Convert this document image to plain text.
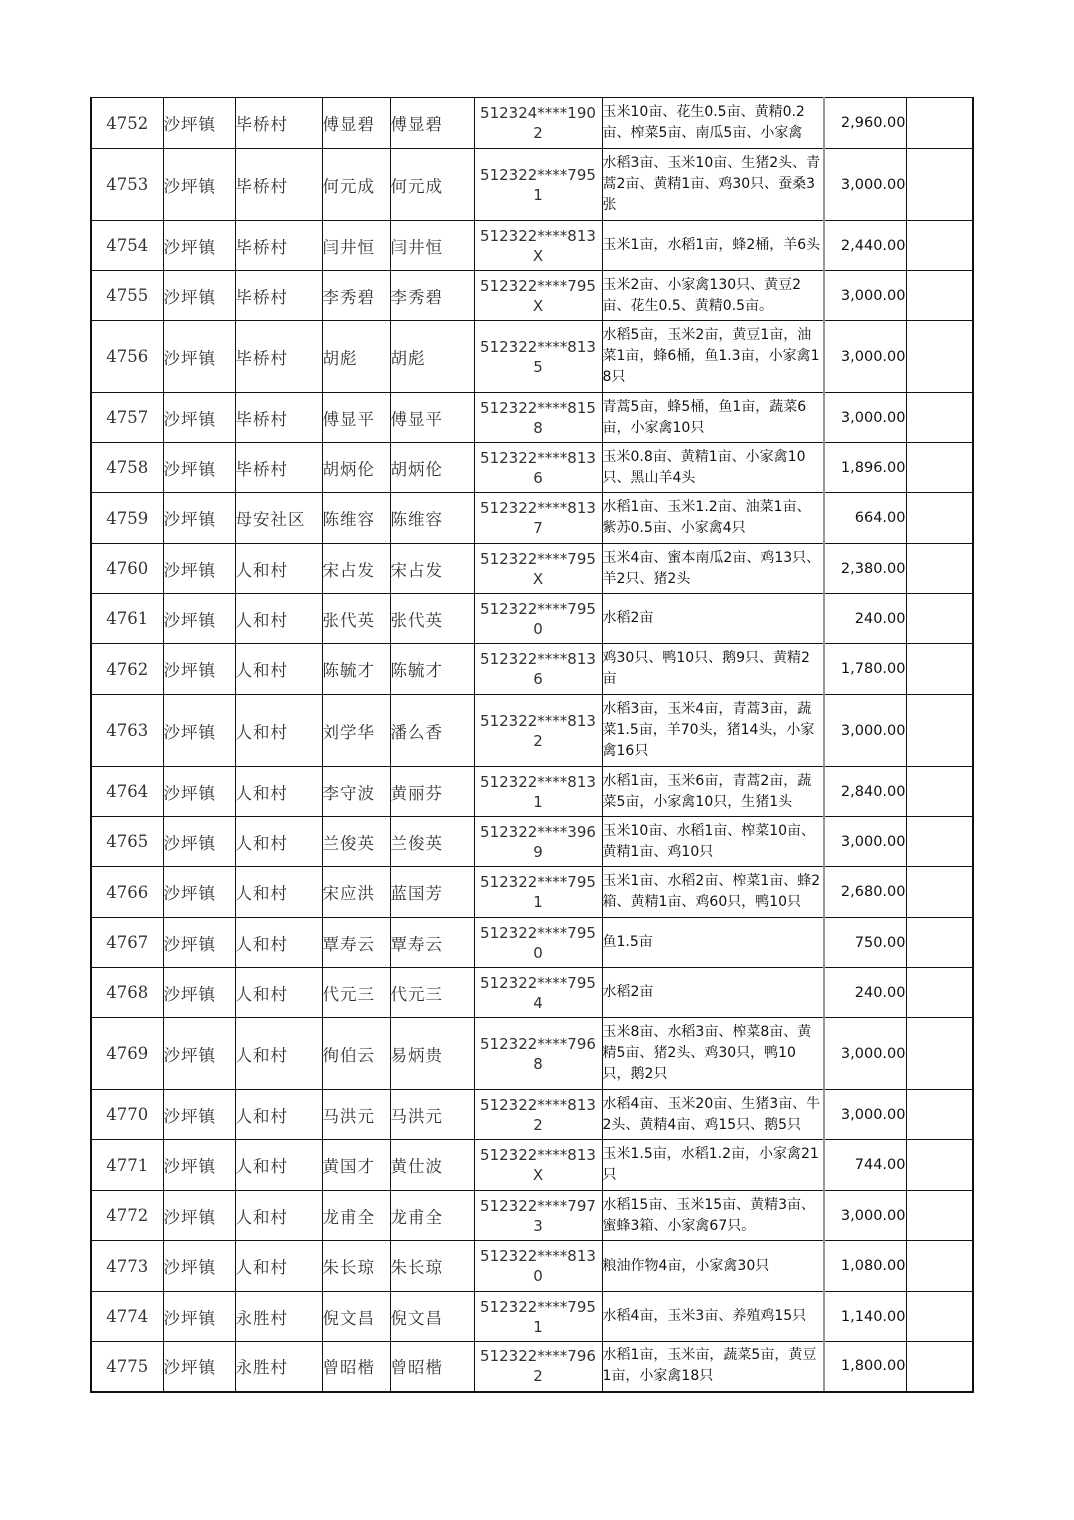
4752	沙坪镇	毕桥村	傅显碧	傅显碧	512324****1902	玉米10亩、花生0.5亩、黄精0.2亩、榨菜5亩、南瓜5亩、小家禽	2,960.00	
4753	沙坪镇	毕桥村	何元成	何元成	512322****7951	水稻3亩、玉米10亩、生猪2头、青蒿2亩、黄精1亩、鸡30只、蚕桑3张	3,000.00	
4754	沙坪镇	毕桥村	闫井恒	闫井恒	512322****813X	玉米1亩，水稻1亩，蜂2桶，羊6头	2,440.00	
4755	沙坪镇	毕桥村	李秀碧	李秀碧	512322****795X	玉米2亩、小家禽130只、黄豆2亩、花生0.5、黄精0.5亩。	3,000.00	
4756	沙坪镇	毕桥村	胡彪	胡彪	512322****8135	水稻5亩，玉米2亩，黄豆1亩，油菜1亩，蜂6桶，鱼1.3亩，小家禽18只	3,000.00	
4757	沙坪镇	毕桥村	傅显平	傅显平	512322****8158	青蒿5亩，蜂5桶，鱼1亩，蔬菜6亩，小家禽10只	3,000.00	
4758	沙坪镇	毕桥村	胡炳伦	胡炳伦	512322****8136	玉米0.8亩、黄精1亩、小家禽10只、黑山羊4头	1,896.00	
4759	沙坪镇	母安社区	陈维容	陈维容	512322****8137	水稻1亩、玉米1.2亩、油菜1亩、紫苏0.5亩、小家禽4只	664.00	
4760	沙坪镇	人和村	宋占发	宋占发	512322****795X	玉米4亩、蜜本南瓜2亩、鸡13只、羊2只、猪2头	2,380.00	
4761	沙坪镇	人和村	张代英	张代英	512322****7950	水稻2亩	240.00	
4762	沙坪镇	人和村	陈毓才	陈毓才	512322****8136	鸡30只、鸭10只、鹅9只、黄精2亩	1,780.00	
4763	沙坪镇	人和村	刘学华	潘么香	512322****8132	水稻3亩，玉米4亩，青蒿3亩，蔬菜1.5亩，羊70头，猪14头，小家禽16只	3,000.00	
4764	沙坪镇	人和村	李守波	黄丽芬	512322****8131	水稻1亩，玉米6亩，青蒿2亩，蔬菜5亩，小家禽10只，生猪1头	2,840.00	
4765	沙坪镇	人和村	兰俊英	兰俊英	512322****3969	玉米10亩、水稻1亩、榨菜10亩、黄精1亩、鸡10只	3,000.00	
4766	沙坪镇	人和村	宋应洪	蓝国芳	512322****7951	玉米1亩、水稻2亩、榨菜1亩、蜂2箱、黄精1亩、鸡60只，鸭10只	2,680.00	
4767	沙坪镇	人和村	覃寿云	覃寿云	512322****7950	鱼1.5亩	750.00	
4768	沙坪镇	人和村	代元三	代元三	512322****7954	水稻2亩	240.00	
4769	沙坪镇	人和村	徇伯云	易炳贵	512322****7968	玉米8亩、水稻3亩、榨菜8亩、黄精5亩、猪2头、鸡30只，鸭10只，鹅2只	3,000.00	
4770	沙坪镇	人和村	马洪元	马洪元	512322****8132	水稻4亩、玉米20亩、生猪3亩、牛2头、黄精4亩、鸡15只、鹅5只	3,000.00	
4771	沙坪镇	人和村	黄国才	黄仕波	512322****813X	玉米1.5亩，水稻1.2亩，小家禽21只	744.00	
4772	沙坪镇	人和村	龙甫全	龙甫全	512322****7973	水稻15亩、玉米15亩、黄精3亩、蜜蜂3箱、小家禽67只。	3,000.00	
4773	沙坪镇	人和村	朱长琼	朱长琼	512322****8130	粮油作物4亩，小家禽30只	1,080.00	
4774	沙坪镇	永胜村	倪文昌	倪文昌	512322****7951	水稻4亩，玉米3亩、养殖鸡15只	1,140.00	
4775	沙坪镇	永胜村	曾昭楷	曾昭楷	512322****7962	水稻1亩，玉米亩，蔬菜5亩，黄豆1亩，小家禽18只	1,800.00	
